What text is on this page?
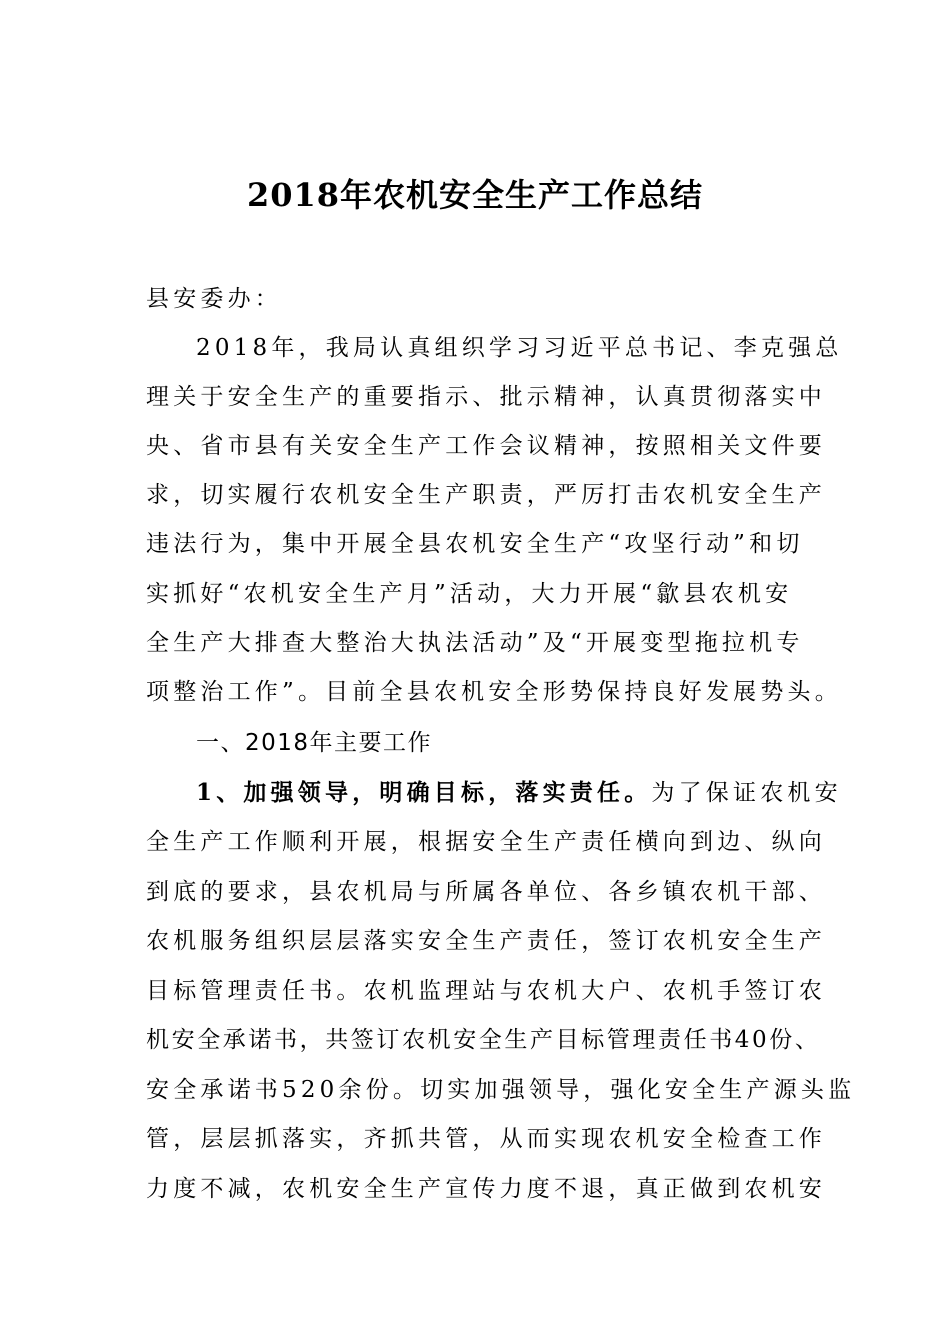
2018年农机安全生产工作总结
县安委办：
2018年，我局认真组织学习习近平总书记、李克强总
理关于安全生产的重要指示、批示精神，认真贯彻落实中
央、省市县有关安全生产工作会议精神，按照相关文件要
求，切实履行农机安全生产职责，严厉打击农机安全生产
违法行为，集中开展全县农机安全生产“攻坚行动”和切
实抓好“农机安全生产月”活动，大力开展“歙县农机安
全生产大排查大整治大执法活动”及“开展变型拖拉机专
项整治工作”。目前全县农机安全形势保持良好发展势头。
一、2018年主要工作
1、加强领导，明确目标，落实责任。为了保证农机安
全生产工作顺利开展，根据安全生产责任横向到边、纵向
到底的要求，县农机局与所属各单位、各乡镇农机干部、
农机服务组织层层落实安全生产责任，签订农机安全生产
目标管理责任书。农机监理站与农机大户、农机手签订农
机安全承诺书，共签订农机安全生产目标管理责任书40份、
安全承诺书520余份。切实加强领导，强化安全生产源头监
管，层层抓落实，齐抓共管，从而实现农机安全检查工作
力度不减，农机安全生产宣传力度不退，真正做到农机安
